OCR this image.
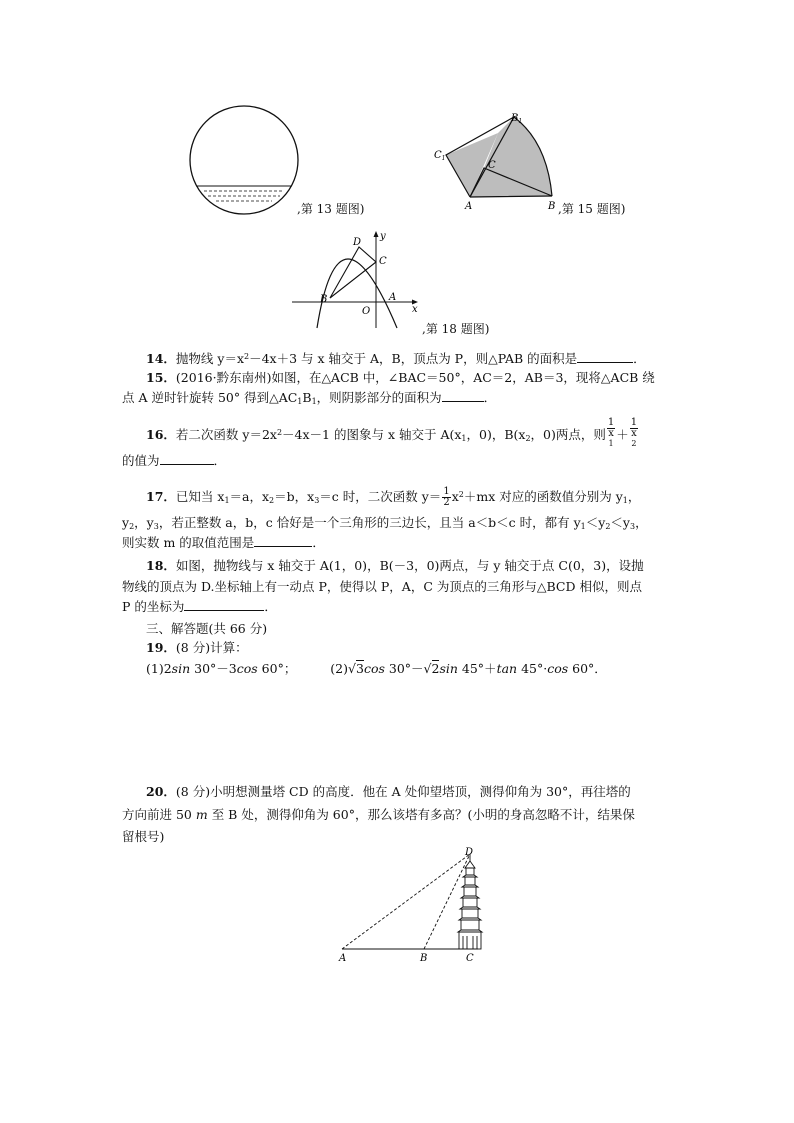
,第 13 题图)
$B_1$
$C_1$
C
A	B ,第 15 题图)
D
C
B
O
A
x
y
,第 18 题图)
14．抛物线 $y=x^2-4x+3$ 与 x 轴交于 A，B，顶点为 P，则△PAB 的面积是	．
15．(2016·黔东南州)如图，在△ACB 中，∠BAC＝50°，AC＝2，AB＝3，现将△ACB 绕
点 A 逆时针旋转 50° 得到$\triangle AC_1B_1$，则阴影部分的面积为	．
16．若二次函数 $y=2x^2-4x-1$ 的图象与 x 轴交于 $A(x_1$，0)，$B(x_2$，0)两点，则 1
x
$^1$ ＋ 1
x
$^2$
的值为	．
17．已知当 $x_1=a$，$x_2=b$，$x_3=c$ 时，二次函数 $y= \frac{1}{2} x^2+mx$ 对应的函数值分别为 $y_1$，
$y_2$，$y_3$，若正整数 a，b，c 恰好是一个三角形的三边长，且当 a＜b＜c 时，都有 $y_1<y_2<y_3$，
则实数 m 的取值范围是	．
18．如图，抛物线与 x 轴交于 A(1，0)，B(－3，0)两点，与 y 轴交于点 C(0，3)，设抛
物线的顶点为 D.坐标轴上有一动点 P，使得以 P，A，C 为顶点的三角形与△BCD 相似，则点
P 的坐标为	．
三、解答题(共 66 分)
19．(8 分)计算：
(1)2sin 30°－3cos 60°；	(2)√3cos 30°－√2sin 45°＋tan 45°·cos 60°．
20．(8 分)小明想测量塔 CD 的高度．他在 A 处仰望塔顶，测得仰角为 30°，再往塔的
方向前进 50 m 至 B 处，测得仰角为 60°，那么该塔有多高？(小明的身高忽略不计，结果保
留根号)
D
A	B	C
